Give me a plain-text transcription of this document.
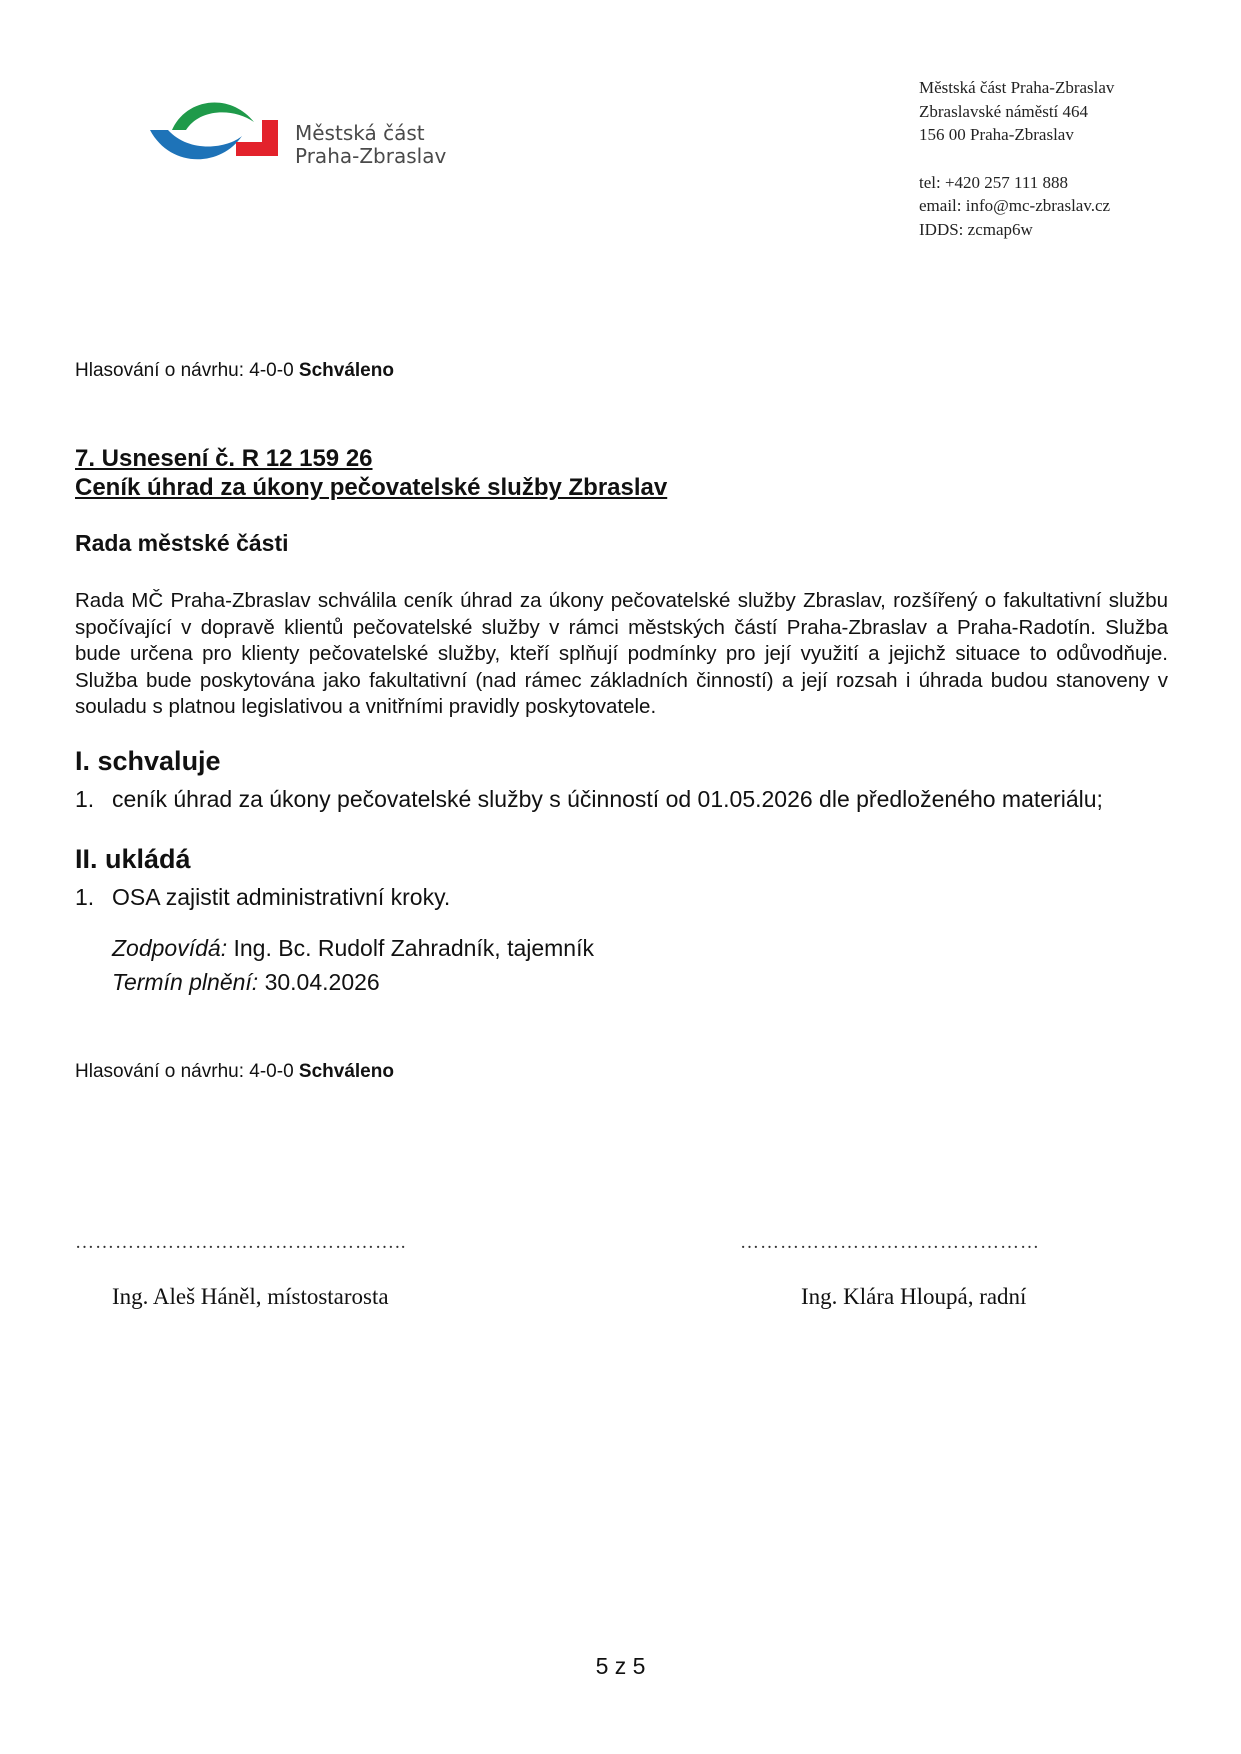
Městská část
Praha-Zbraslav
Městská část Praha-Zbraslav
Zbraslavské náměstí 464
156 00 Praha-Zbraslav
tel: +420 257 111 888
email: info@mc-zbraslav.cz
IDDS: zcmap6w
Hlasování o návrhu: 4-0-0 Schváleno
7. Usnesení č. R 12 159 26
Ceník úhrad za úkony pečovatelské služby Zbraslav
Rada městské části
Rada MČ Praha-Zbraslav schválila ceník úhrad za úkony pečovatelské služby Zbraslav, rozšířený o fakultativní službu spočívající v dopravě klientů pečovatelské služby v rámci městských částí Praha-Zbraslav a Praha-Radotín. Služba bude určena pro klienty pečovatelské služby, kteří splňují podmínky pro její využití a jejichž situace to odůvodňuje. Služba bude poskytována jako fakultativní (nad rámec základních činností) a její rozsah i úhrada budou stanoveny v souladu s platnou legislativou a vnitřními pravidly poskytovatele.
I. schvaluje
1. ceník úhrad za úkony pečovatelské služby s účinností od 01.05.2026 dle předloženého materiálu;
II. ukládá
1. OSA zajistit administrativní kroky.
Zodpovídá: Ing. Bc. Rudolf Zahradník, tajemník
Termín plnění: 30.04.2026
Hlasování o návrhu: 4-0-0 Schváleno
…………………………………………..	………………………………………
Ing. Aleš Háněl, místostarosta	Ing. Klára Hloupá, radní
5 z 5
